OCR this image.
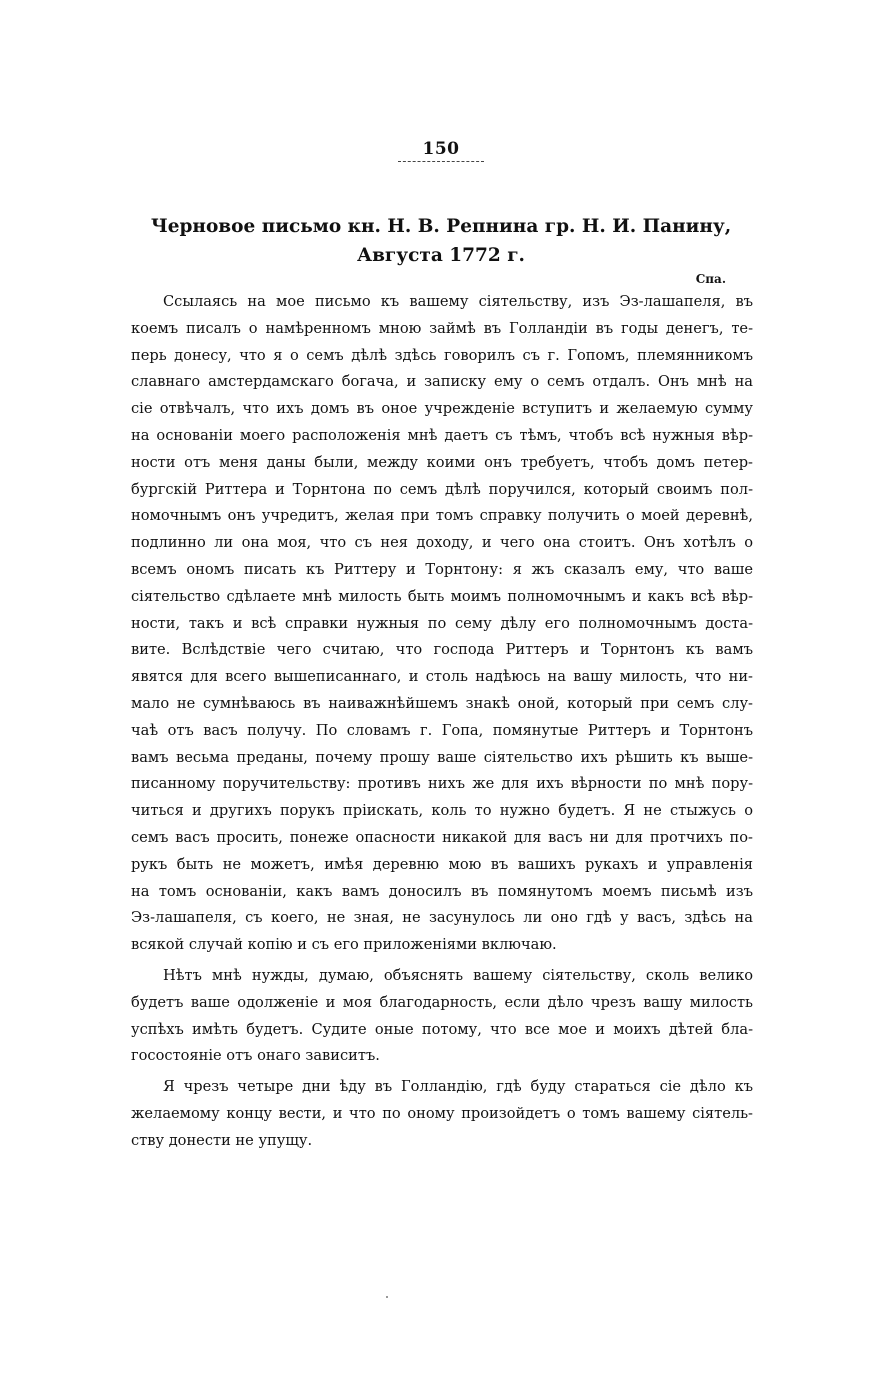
150
Черновое письмо кн. Н. В. Репнина гр. Н. И. Панину,
Августа 1772 г.
Спа.
Ссылаясь на мое письмо къ вашему сіятельству, изъ Эз-лашапеля, въ
коемъ писалъ о намѣренномъ мною займѣ въ Голландіи въ годы денегъ, те-
перь донесу, что я о семъ дѣлѣ здѣсь говорилъ съ г. Гопомъ, племянникомъ
славнаго амстердамскаго богача, и записку ему о семъ отдалъ. Онъ мнѣ на
сіе отвѣчалъ, что ихъ домъ въ оное учрежденіе вступитъ и желаемую сумму
на основаніи моего расположенія мнѣ даетъ съ тѣмъ, чтобъ всѣ нужныя вѣр-
ности отъ меня даны были, между коими онъ требуетъ, чтобъ домъ петер-
бургскій Риттера и Торнтона по семъ дѣлѣ поручился, который своимъ пол-
номочнымъ онъ учредитъ, желая при томъ справку получить о моей деревнѣ,
подлинно ли она моя, что съ нея доходу, и чего она стоитъ. Онъ хотѣлъ о
всемъ ономъ писать къ Риттеру и Торнтону: я жъ сказалъ ему, что ваше
сіятельство сдѣлаете мнѣ милость быть моимъ полномочнымъ и какъ всѣ вѣр-
ности, такъ и всѣ справки нужныя по сему дѣлу его полномочнымъ доста-
вите. Вслѣдствіе чего считаю, что господа Риттеръ и Торнтонъ къ вамъ
явятся для всего вышеписаннаго, и столь надѣюсь на вашу милость, что ни-
мало не сумнѣваюсь въ наиважнѣйшемъ знакѣ оной, который при семъ слу-
чаѣ отъ васъ получу. По словамъ г. Гопа, помянутые Риттеръ и Торнтонъ
вамъ весьма преданы, почему прошу ваше сіятельство ихъ рѣшить къ выше-
писанному поручительству: противъ нихъ же для ихъ вѣрности по мнѣ пору-
читься и другихъ порукъ пріискать, коль то нужно будетъ. Я не стыжусь о
семъ васъ просить, понеже опасности никакой для васъ ни для протчихъ по-
рукъ быть не можетъ, имѣя деревню мою въ вашихъ рукахъ и управленія
на томъ основаніи, какъ вамъ доносилъ въ помянутомъ моемъ письмѣ изъ
Эз-лашапеля, съ коего, не зная, не засунулось ли оно гдѣ у васъ, здѣсь на
всякой случай копію и съ его приложеніями включаю.
Нѣтъ мнѣ нужды, думаю, объяснять вашему сіятельству, сколь велико
будетъ ваше одолженіе и моя благодарность, если дѣло чрезъ вашу милость
успѣхъ имѣть будетъ. Судите оные потому, что все мое и моихъ дѣтей бла-
госостояніе отъ онаго зависитъ.
Я чрезъ четыре дни ѣду въ Голландію, гдѣ буду стараться сіе дѣло къ
желаемому концу вести, и что по оному произойдетъ о томъ вашему сіятель-
ству донести не упущу.
